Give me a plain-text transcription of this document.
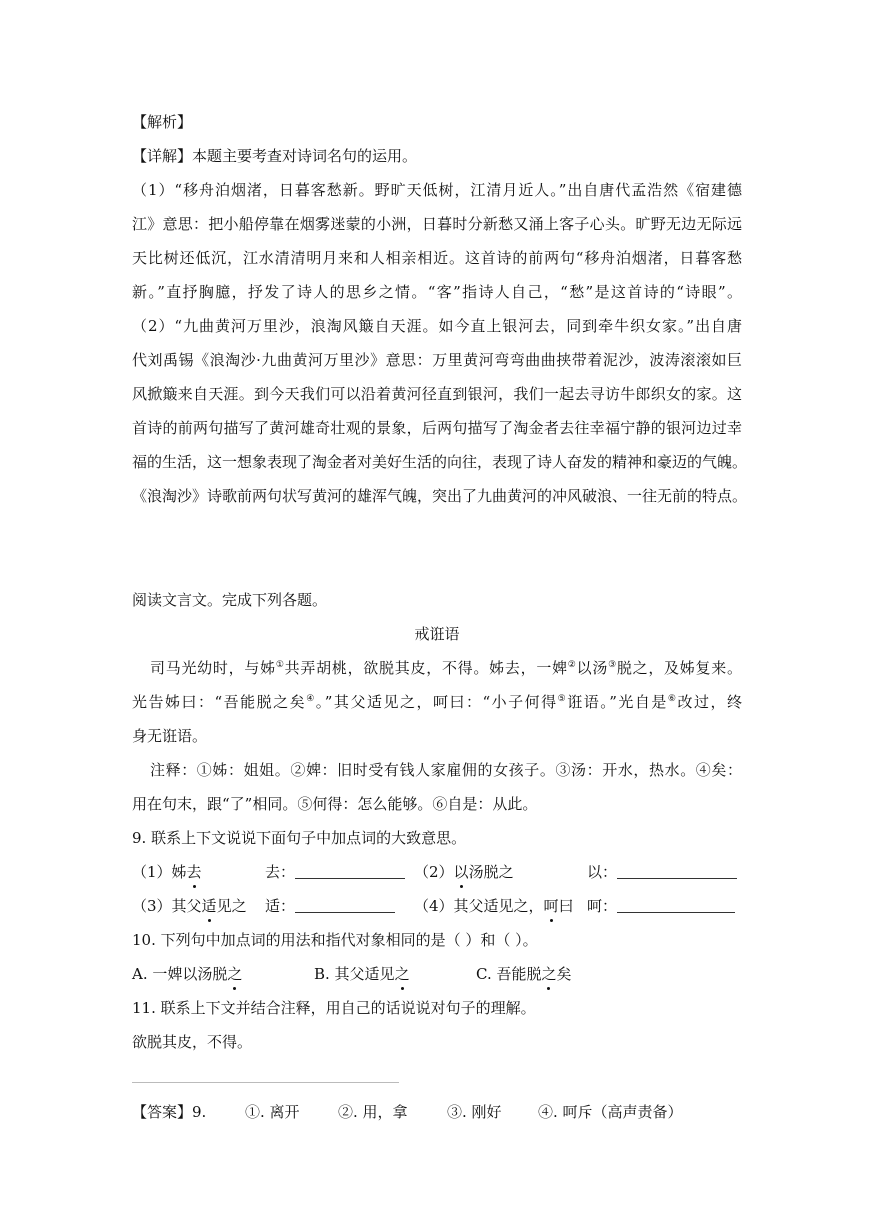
【解析】
【详解】本题主要考查对诗词名句的运用。
（1）“移舟泊烟渚，日暮客愁新。野旷天低树，江清月近人。”出自唐代孟浩然《宿建德
江》意思：把小船停靠在烟雾迷蒙的小洲，日暮时分新愁又涌上客子心头。旷野无边无际远
天比树还低沉，江水清清明月来和人相亲相近。这首诗的前两句“移舟泊烟渚，日暮客愁
新。”直抒胸臆，抒发了诗人的思乡之情。“客”指诗人自己，“愁”是这首诗的“诗眼”。
（2）“九曲黄河万里沙，浪淘风簸自天涯。如今直上银河去，同到牵牛织女家。”出自唐
代刘禹锡《浪淘沙·九曲黄河万里沙》意思：万里黄河弯弯曲曲挟带着泥沙，波涛滚滚如巨
风掀簸来自天涯。到今天我们可以沿着黄河径直到银河，我们一起去寻访牛郎织女的家。这
首诗的前两句描写了黄河雄奇壮观的景象，后两句描写了淘金者去往幸福宁静的银河边过幸
福的生活，这一想象表现了淘金者对美好生活的向往，表现了诗人奋发的精神和豪迈的气魄。
《浪淘沙》诗歌前两句状写黄河的雄浑气魄，突出了九曲黄河的冲风破浪、一往无前的特点。
阅读文言文。完成下列各题。
戒诳语
司马光幼时，与姊①共弄胡桃，欲脱其皮，不得。姊去，一婢②以汤③脱之，及姊复来。
光告姊曰：“吾能脱之矣④。”其父适见之，呵曰：“小子何得⑤诳语。”光自是⑥改过，终
身无诳语。
注释：①姊：姐姐。②婢：旧时受有钱人家雇佣的女孩子。③汤：开水，热水。④矣：
用在句末，跟“了”相同。⑤何得：怎么能够。⑥自是：从此。
9. 联系上下文说说下面句子中加点词的大致意思。
（1）姊去	去：	（2）以汤脱之	以：
（3）其父适见之 适：	（4）其父适见之，呵曰 呵：
10. 下列句中加点词的用法和指代对象相同的是（ ）和（ ）。
A. 一婢以汤脱之	B. 其父适见之	C. 吾能脱之矣
11. 联系上下文并结合注释，用自己的话说说对句子的理解。
欲脱其皮，不得。
【答案】9.	①. 离开	②. 用，拿	③. 刚好 ④. 呵斥（高声责备）
